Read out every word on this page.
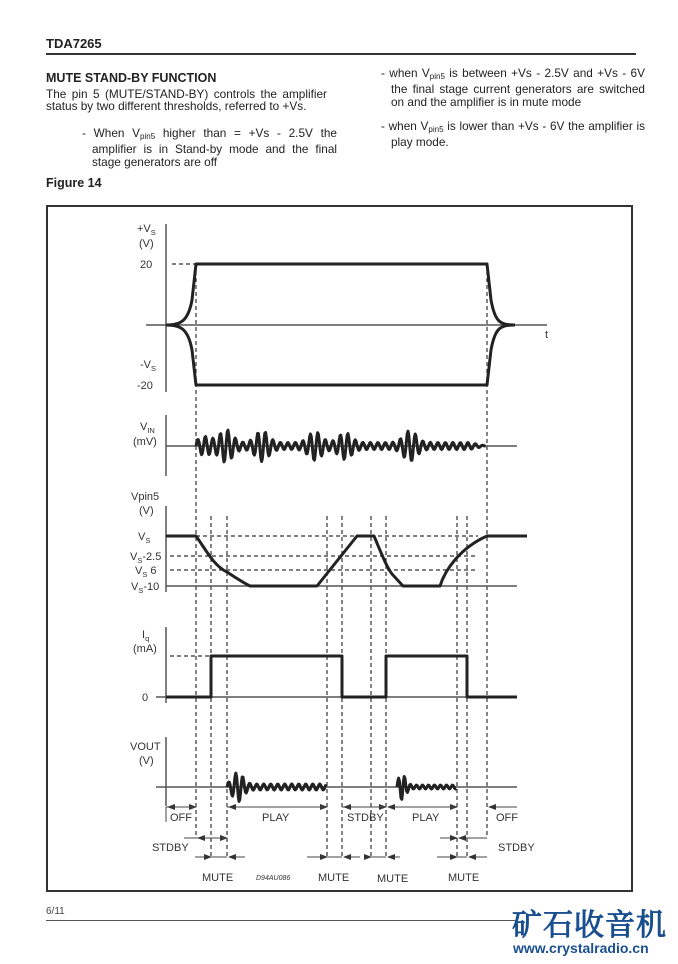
TDA7265
MUTE STAND-BY FUNCTION
The pin 5 (MUTE/STAND-BY) controls the amplifier status by two different thresholds, referred to +Vs.
- When $V_{pin5}$ higher than = +Vs - 2.5V the amplifier is in Stand-by mode and the final stage generators are off
- when $V_{pin5}$ is between +Vs - 2.5V and +Vs - 6V the final stage current generators are switched on and the amplifier is in mute mode
- when $V_{pin5}$ is lower than +Vs - 6V the amplifier is play mode.
Figure 14
$+V_S$
(V)
20
$-V_S$
-20
t
$V_{IN}$
(mV)
Vpin5
(V)
$V_S$
$V_S-2.5$
$V_S$ 6
$V_S-10$
$I_q$
(mA)
0
VOUT
(V)
OFF	PLAY	STDBY	PLAY	OFF
STDBY	STDBY
MUTE	MUTE	MUTE	MUTE
D94AU086
6/11	矿石收音机
www.crystalradio.cn
